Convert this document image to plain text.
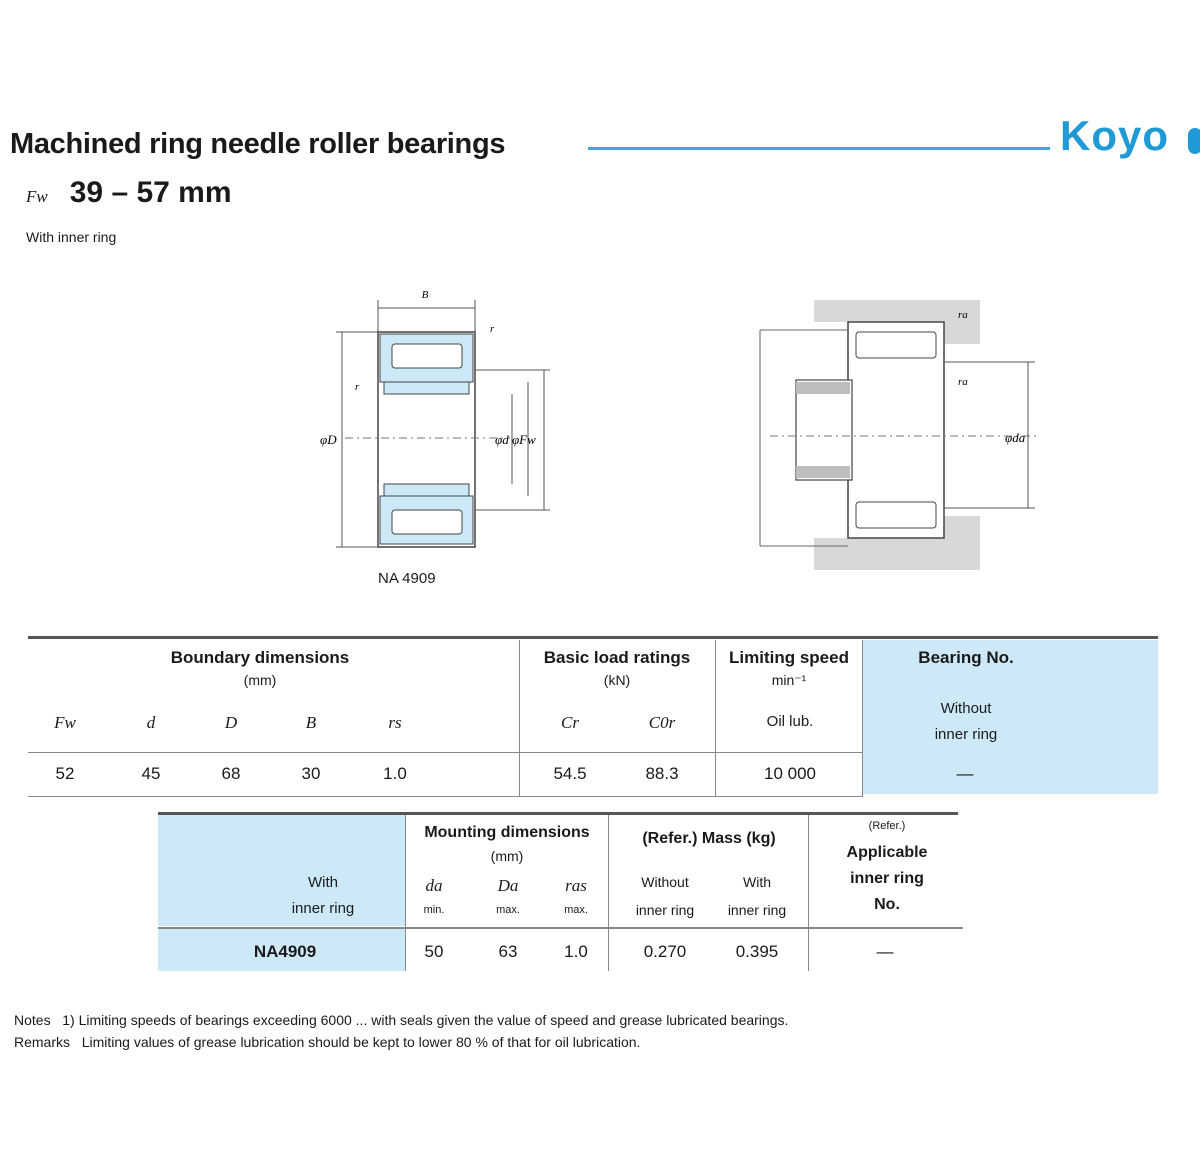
Machined ring needle roller bearings	Koyo
Fw 39 – 57 mm
With inner ring
B
r
r
φD	φd φFw	φda
ra
ra
NA 4909
Boundary dimensions
(mm)
Basic load ratings
(kN)
Limiting speed
min⁻¹
Bearing No.
Without
inner ring
Fw	d	D	B	rs	Cr	C0r	Oil lub.
52	45	68	30	1.0	54.5	88.3	10 000	—
With
inner ring
Mounting dimensions
(mm)
da	Da	ras
min.	max.	max.
(Refer.) Mass (kg)
Without
inner ring
With
inner ring
(Refer.)
Applicable
inner ring
No.
NA4909	50	63	1.0	0.270	0.395	—
Notes 1) Limiting speeds of bearings exceeding 6000 ... with seals given the value of speed and grease lubricated bearings.
Remarks Limiting values of grease lubrication should be kept to lower 80 % of that for oil lubrication.
